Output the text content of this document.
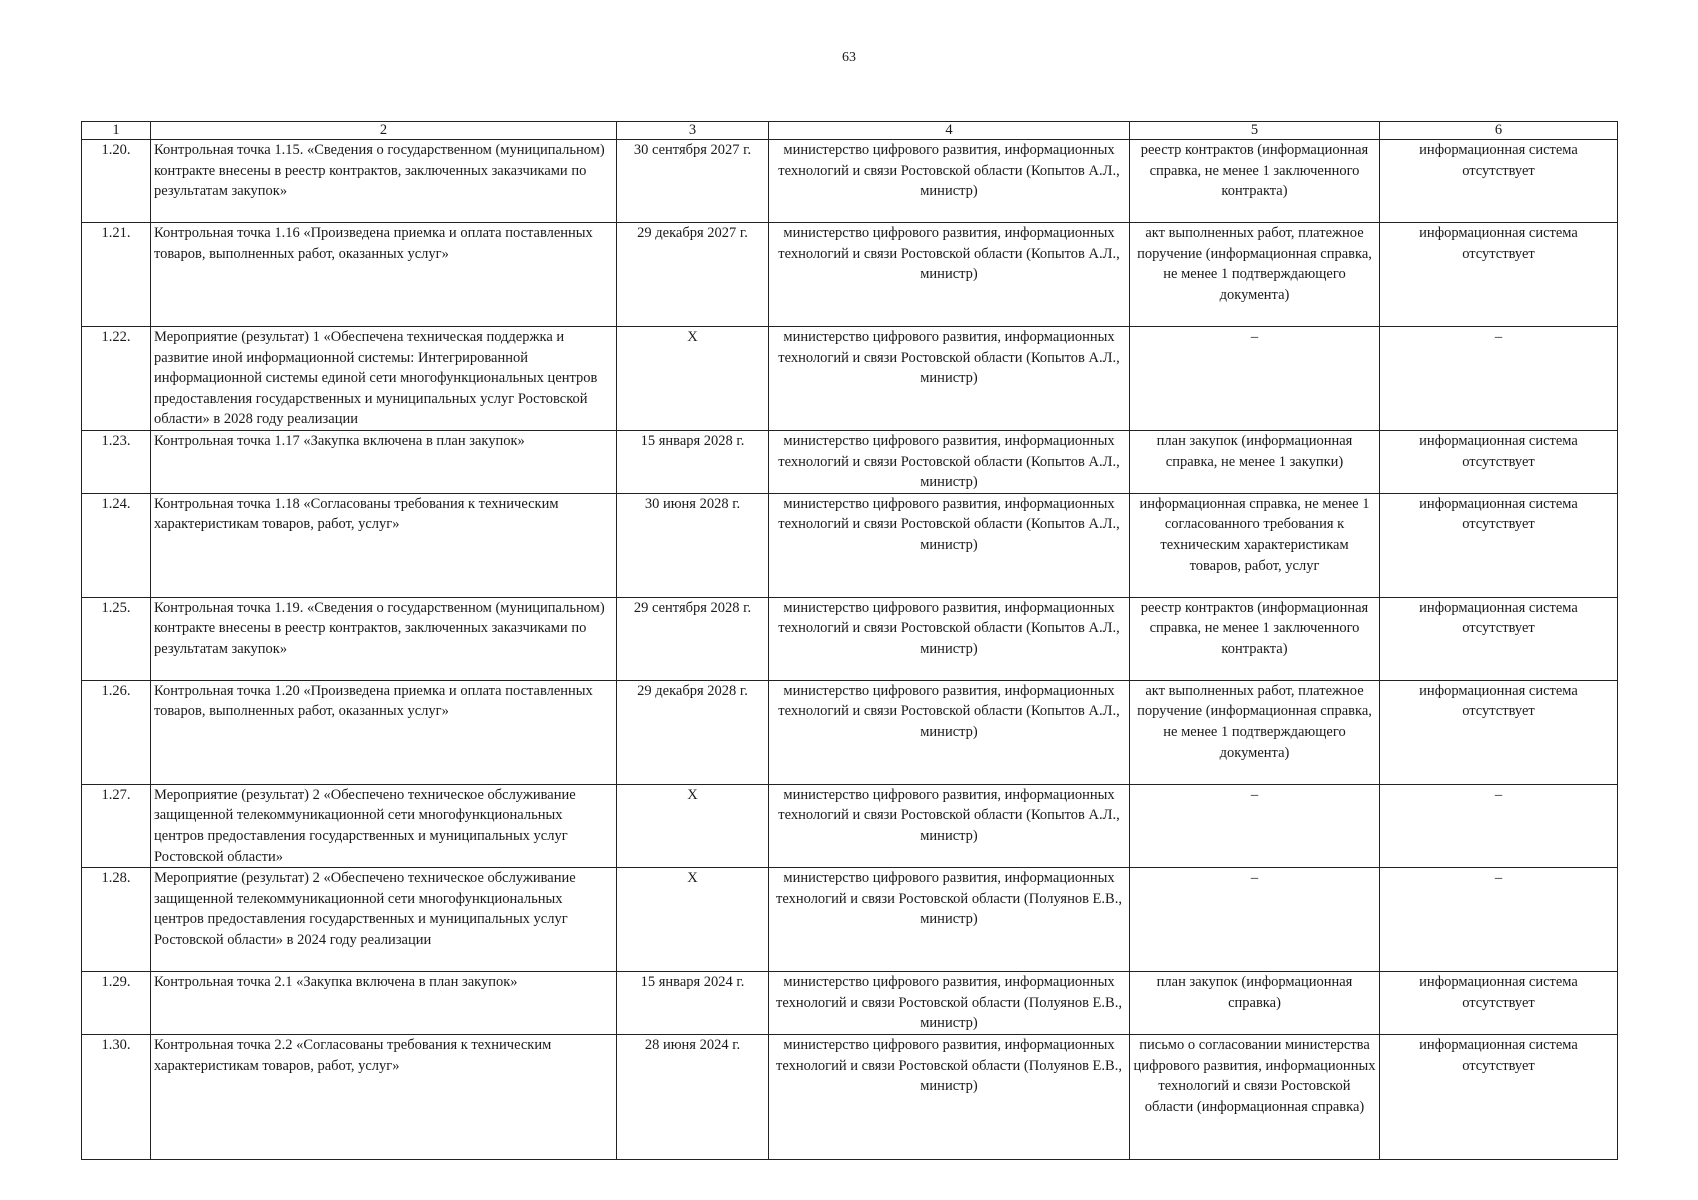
63
1	2	3	4	5	6
1.20.	Контрольная точка 1.15. «Сведения о государственном (муниципальном) контракте внесены в реестр контрактов, заключенных заказчиками по результатам закупок»	30 сентября 2027 г.	министерство цифрового развития, информационных технологий и связи Ростовской области (Копытов А.Л., министр)	реестр контрактов (информационная справка, не менее 1 заключенного контракта)	информационная система отсутствует
1.21.	Контрольная точка 1.16 «Произведена приемка и оплата поставленных товаров, выполненных работ, оказанных услуг»	29 декабря 2027 г.	министерство цифрового развития, информационных технологий и связи Ростовской области (Копытов А.Л., министр)	акт выполненных работ, платежное поручение (информационная справка, не менее 1 подтверждающего документа)	информационная система отсутствует
1.22.	Мероприятие (результат) 1 «Обеспечена техническая поддержка и развитие иной информационной системы: Интегрированной информационной системы единой сети многофункциональных центров предоставления государственных и муниципальных услуг Ростовской области» в 2028 году реализации	Х	министерство цифрового развития, информационных технологий и связи Ростовской области (Копытов А.Л., министр)	–	–
1.23.	Контрольная точка 1.17 «Закупка включена в план закупок»	15 января 2028 г.	министерство цифрового развития, информационных технологий и связи Ростовской области (Копытов А.Л., министр)	план закупок (информационная справка, не менее 1 закупки)	информационная система отсутствует
1.24.	Контрольная точка 1.18 «Согласованы требования к техническим характеристикам товаров, работ, услуг»	30 июня 2028 г.	министерство цифрового развития, информационных технологий и связи Ростовской области (Копытов А.Л., министр)	информационная справка, не менее 1 согласованного требования к техническим характеристикам товаров, работ, услуг	информационная система отсутствует
1.25.	Контрольная точка 1.19. «Сведения о государственном (муниципальном) контракте внесены в реестр контрактов, заключенных заказчиками по результатам закупок»	29 сентября 2028 г.	министерство цифрового развития, информационных технологий и связи Ростовской области (Копытов А.Л., министр)	реестр контрактов (информационная справка, не менее 1 заключенного контракта)	информационная система отсутствует
1.26.	Контрольная точка 1.20 «Произведена приемка и оплата поставленных товаров, выполненных работ, оказанных услуг»	29 декабря 2028 г.	министерство цифрового развития, информационных технологий и связи Ростовской области (Копытов А.Л., министр)	акт выполненных работ, платежное поручение (информационная справка, не менее 1 подтверждающего документа)	информационная система отсутствует
1.27.	Мероприятие (результат) 2 «Обеспечено техническое обслуживание защищенной телекоммуникационной сети многофункциональных центров предоставления государственных и муниципальных услуг Ростовской области»	Х	министерство цифрового развития, информационных технологий и связи Ростовской области (Копытов А.Л., министр)	–	–
1.28.	Мероприятие (результат) 2 «Обеспечено техническое обслуживание защищенной телекоммуникационной сети многофункциональных центров предоставления государственных и муниципальных услуг Ростовской области» в 2024 году реализации	Х	министерство цифрового развития, информационных технологий и связи Ростовской области (Полуянов Е.В., министр)	–	–
1.29.	Контрольная точка 2.1 «Закупка включена в план закупок»	15 января 2024 г.	министерство цифрового развития, информационных технологий и связи Ростовской области (Полуянов Е.В., министр)	план закупок (информационная справка)	информационная система отсутствует
1.30.	Контрольная точка 2.2 «Согласованы требования к техническим характеристикам товаров, работ, услуг»	28 июня 2024 г.	министерство цифрового развития, информационных технологий и связи Ростовской области (Полуянов Е.В., министр)	письмо о согласовании министерства цифрового развития, информационных технологий и связи Ростовской области (информационная справка)	информационная система отсутствует
